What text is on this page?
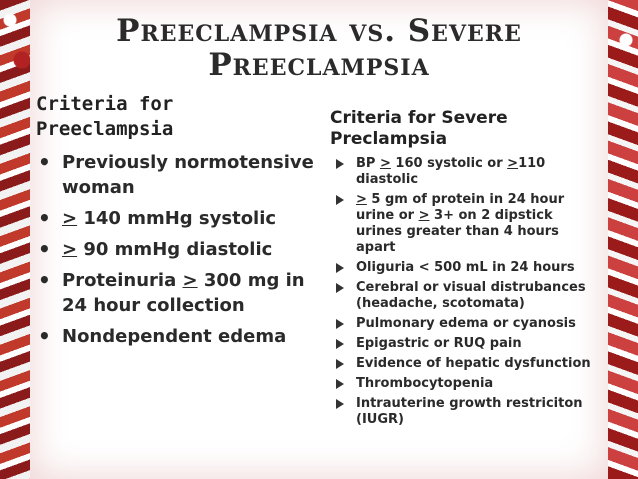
Preeclampsia vs. Severe Preeclampsia
Criteria for
Preeclampsia
• Previously normotensive woman
• > 140 mmHg systolic
• > 90 mmHg diastolic
• Proteinuria > 300 mg in 24 hour collection
• Nondependent edema
Criteria for Severe
Preclampsia
BP > 160 systolic or >110 diastolic
> 5 gm of protein in 24 hour urine or > 3+ on 2 dipstick urines greater than 4 hours apart
Oliguria < 500 mL in 24 hours
Cerebral or visual distrubances (headache, scotomata)
Pulmonary edema or cyanosis
Epigastric or RUQ pain
Evidence of hepatic dysfunction
Thrombocytopenia
Intrauterine growth restriciton (IUGR)
